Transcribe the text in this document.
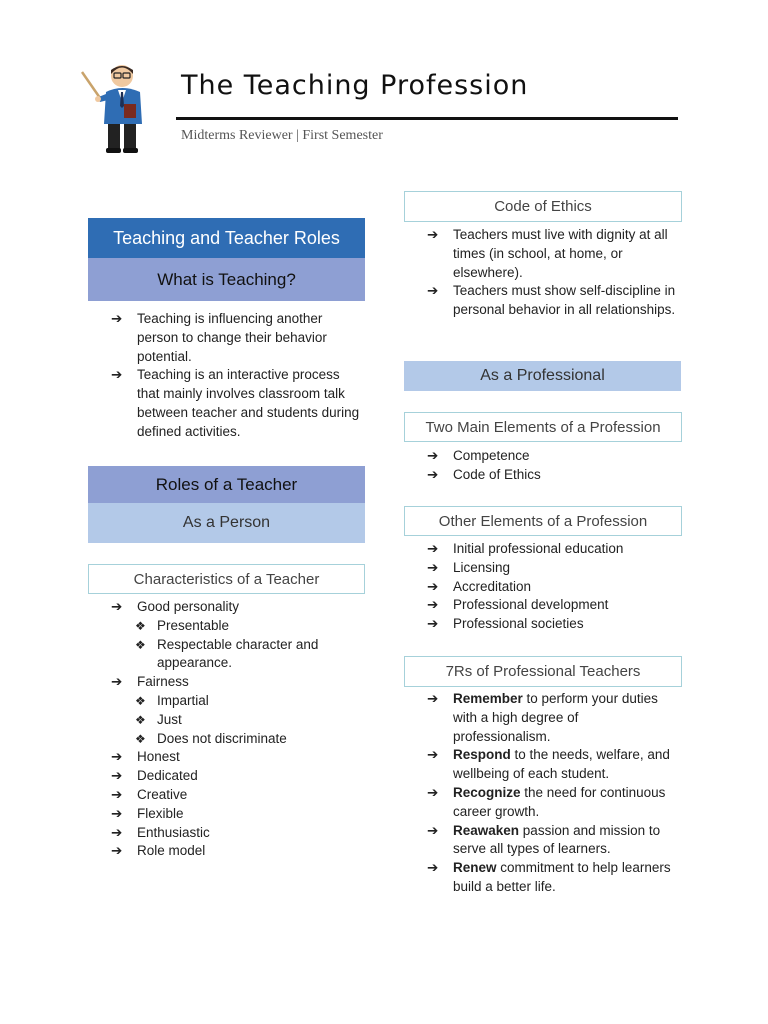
The Teaching Profession
Midterms Reviewer | First Semester
Teaching and Teacher Roles
What is Teaching?
➔ Teaching is influencing another person to change their behavior potential.
➔ Teaching is an interactive process that mainly involves classroom talk between teacher and students during defined activities.
Roles of a Teacher
As a Person
Characteristics of a Teacher
➔ Good personality
❖ Presentable
❖ Respectable character and appearance.
➔ Fairness
❖ Impartial
❖ Just
❖ Does not discriminate
➔ Honest
➔ Dedicated
➔ Creative
➔ Flexible
➔ Enthusiastic
➔ Role model
Code of Ethics
➔ Teachers must live with dignity at all times (in school, at home, or elsewhere).
➔ Teachers must show self-discipline in personal behavior in all relationships.
As a Professional
Two Main Elements of a Profession
➔ Competence
➔ Code of Ethics
Other Elements of a Profession
➔ Initial professional education
➔ Licensing
➔ Accreditation
➔ Professional development
➔ Professional societies
7Rs of Professional Teachers
➔ Remember to perform your duties with a high degree of professionalism.
➔ Respond to the needs, welfare, and wellbeing of each student.
➔ Recognize the need for continuous career growth.
➔ Reawaken passion and mission to serve all types of learners.
➔ Renew commitment to help learners build a better life.
